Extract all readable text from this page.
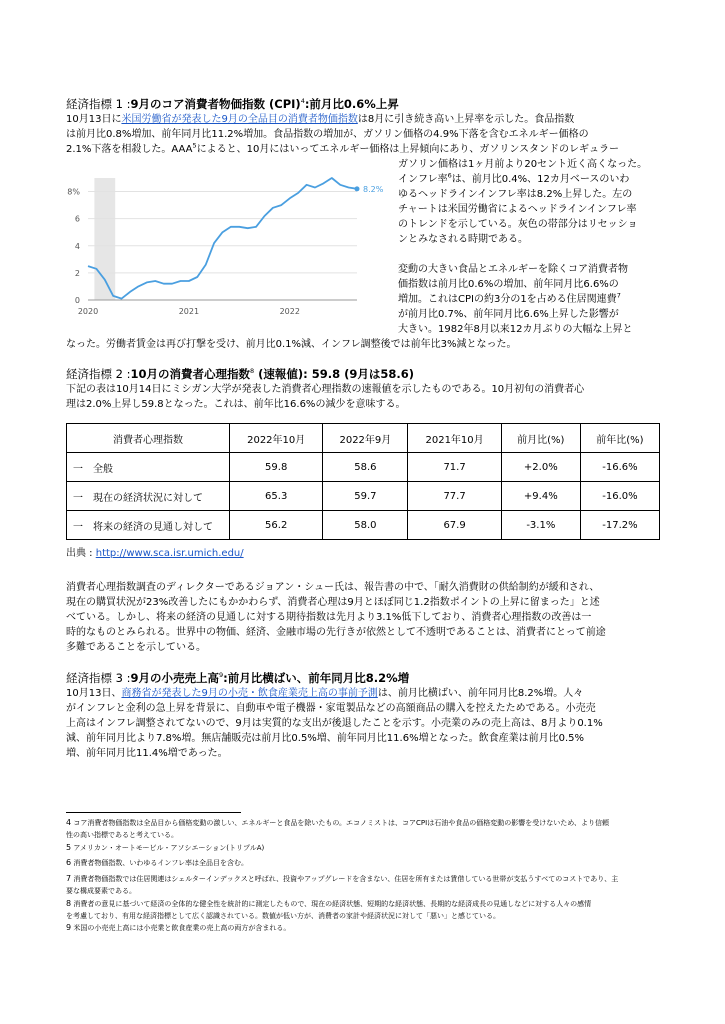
経済指標 1 :9月のコア消費者物価指数 (CPI)$^4$:前月比0.6%上昇
10月13日に米国労働省が発表した9月の全品目の消費者物価指数は8月に引き続き高い上昇率を示した。食品指数
は前月比0.8%増加、前年同月比11.2%増加。食品指数の増加が、ガソリン価格の4.9%下落を含むエネルギー価格の
2.1%下落を相殺した。AAA$^5$によると、10月にはいってエネルギー価格は上昇傾向にあり、ガソリンスタンドのレギュラー
0
2
4
6
8%
2020	2021	2022
8.2%
ガソリン価格は1ヶ月前より20セント近く高くなった。
インフレ率$^6$は、前月比0.4%、12カ月ベースのいわ
ゆるヘッドラインインフレ率は8.2%上昇した。左の
チャートは米国労働省によるヘッドラインインフレ率
のトレンドを示している。灰色の帯部分はリセッショ
ンとみなされる時期である。
変動の大きい食品とエネルギーを除くコア消費者物
価指数は前月比0.6%の増加、前年同月比6.6%の
増加。これはCPIの約3分の1を占める住居関連費$^7$
が前月比0.7%、前年同月比6.6%上昇した影響が
大きい。1982年8月以来12カ月ぶりの大幅な上昇と
なった。労働者賃金は再び打撃を受け、前月比0.1%減、インフレ調整後では前年比3%減となった。
経済指標 2 :10月の消費者心理指数$^8$ (速報値): 59.8 (9月は58.6)
下記の表は10月14日にミシガン大学が発表した消費者心理指数の速報値を示したものである。10月初旬の消費者心
理は2.0%上昇し59.8となった。これは、前年比16.6%の減少を意味する。
消費者心理指数	2022年10月	2022年9月	2021年10月	前月比(%)	前年比(%)
一　全般	59.8	58.6	71.7	+2.0%	-16.6%
一　現在の経済状況に対して	65.3	59.7	77.7	+9.4%	-16.0%
一　将来の経済の見通し対して	56.2	58.0	67.9	-3.1%	-17.2%
出典 : http://www.sca.isr.umich.edu/
消費者心理指数調査のディレクターであるジョアン・シュー氏は、報告書の中で、「耐久消費財の供給制約が緩和され、
現在の購買状況が23%改善したにもかかわらず、消費者心理は9月とほぼ同じ1.2指数ポイントの上昇に留まった」と述
べている。しかし、将来の経済の見通しに対する期待指数は先月より3.1%低下しており、消費者心理指数の改善は一
時的なものとみられる。世界中の物価、経済、金融市場の先行きが依然として不透明であることは、消費者にとって前途
多難であることを示している。
経済指標 3 :9月の小売売上高$^9$:前月比横ばい、前年同月比8.2%増
10月13日、商務省が発表した9月の小売・飲食産業売上高の事前予測は、前月比横ばい、前年同月比8.2%増。人々
がインフレと金利の急上昇を背景に、自動車や電子機器・家電製品などの高額商品の購入を控えたためである。小売売
上高はインフレ調整されてないので、9月は実質的な支出が後退したことを示す。小売業のみの売上高は、8月より0.1%
減、前年同月比より7.8%増。無店舗販売は前月比0.5%増、前年同月比11.6%増となった。飲食産業は前月比0.5%
増、前年同月比11.4%増であった。
4 コア消費者物価指数は全品目から価格変動の激しい、エネルギーと食品を除いたもの。エコノミストは、コアCPIは石油や食品の価格変動の影響を受けないため、より信頼
性の高い指標であると考えている。
5 アメリカン・オートモービル・アソシエーション(トリプルA)
6 消費者物価指数、いわゆるインフレ率は全品目を含む。
7 消費者物価指数では住居関連はシェルターインデックスと呼ばれ、投資やアップグレードを含まない、住居を所有または賃借している世帯が支払うすべてのコストであり、主
要な構成要素である。
8 消費者の意見に基づいて経済の全体的な健全性を統計的に測定したもので、現在の経済状態、短期的な経済状態、長期的な経済成長の見通しなどに対する人々の感情
を考慮しており、有用な経済指標として広く認識されている。数値が低い方が、消費者の家計や経済状況に対して「悪い」と感じている。
9 米国の小売売上高には小売業と飲食産業の売上高の両方が含まれる。
